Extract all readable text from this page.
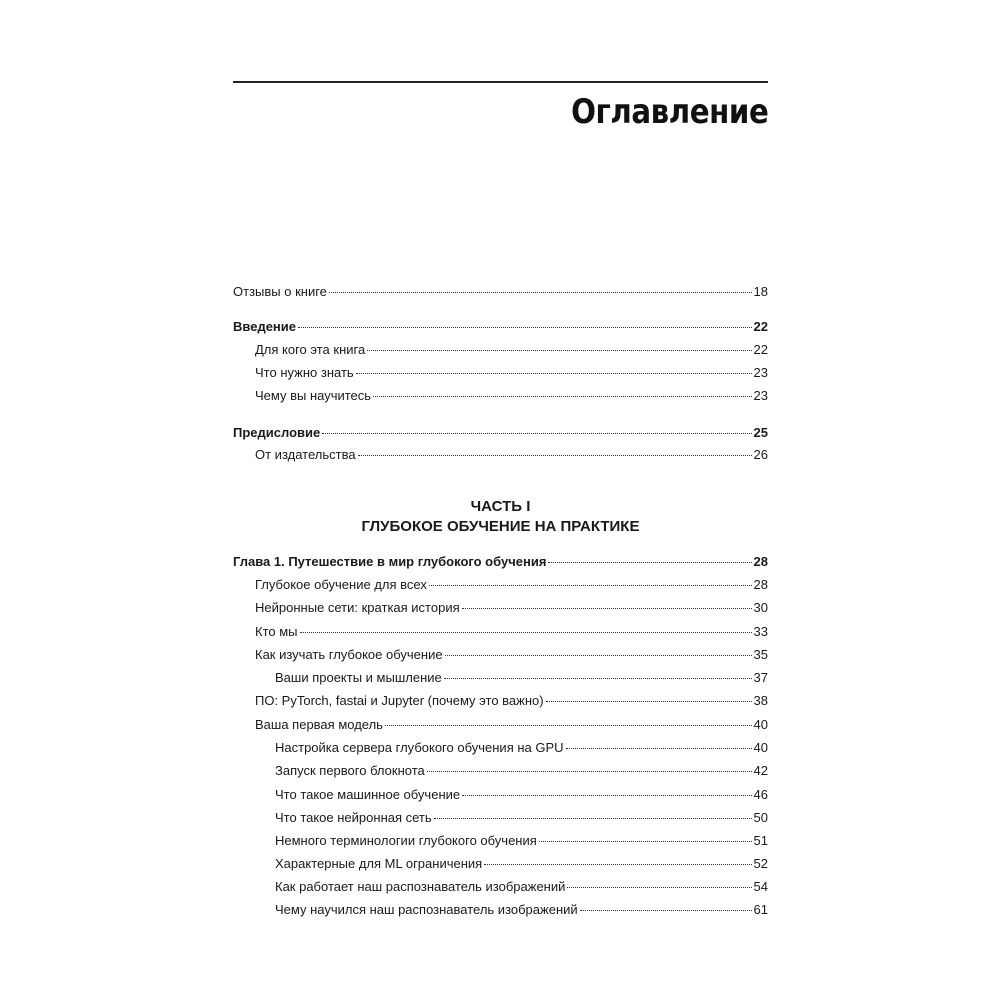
Оглавление
Отзывы о книге	18
Введение	22
Для кого эта книга	22
Что нужно знать	23
Чему вы научитесь	23
Предисловие	25
От издательства	26
Глава 1. Путешествие в мир глубокого обучения	28
Глубокое обучение для всех	28
Нейронные сети: краткая история	30
Кто мы	33
Как изучать глубокое обучение	35
Ваши проекты и мышление	37
ПО: PyTorch, fastai и Jupyter (почему это важно)	38
Ваша первая модель	40
Настройка сервера глубокого обучения на GPU	40
Запуск первого блокнота	42
Что такое машинное обучение	46
Что такое нейронная сеть	50
Немного терминологии глубокого обучения	51
Характерные для ML ограничения	52
Как работает наш распознаватель изображений	54
Чему научился наш распознаватель изображений	61
ЧАСТЬ I
ГЛУБОКОЕ ОБУЧЕНИЕ НА ПРАКТИКЕ
